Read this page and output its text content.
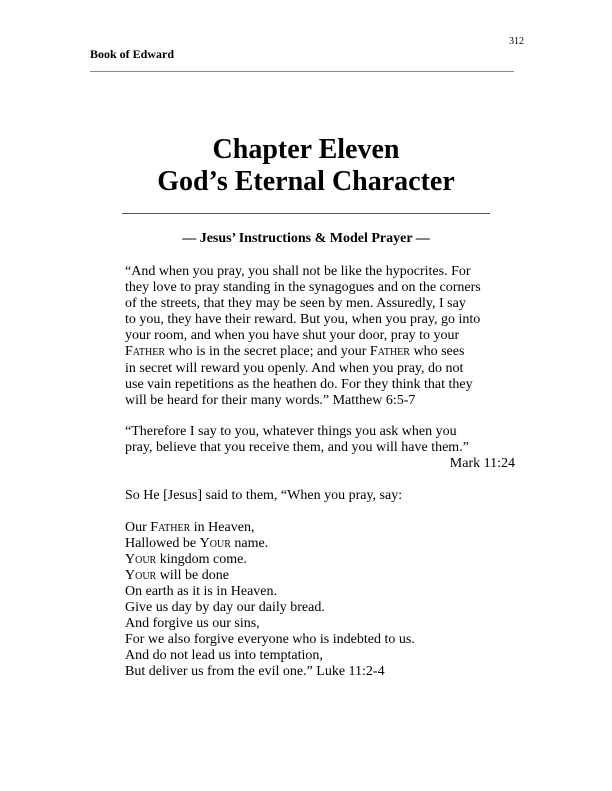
312
Book of Edward
Chapter Eleven
God’s Eternal Character
— Jesus’ Instructions & Model Prayer —

“And when you pray, you shall not be like the hypocrites. For
they love to pray standing in the synagogues and on the corners
of the streets, that they may be seen by men. Assuredly, I say
to you, they have their reward. But you, when you pray, go into
your room, and when you have shut your door, pray to your
FATHER who is in the secret place; and your FATHER who sees
in secret will reward you openly. And when you pray, do not
use vain repetitions as the heathen do. For they think that they
will be heard for their many words.” Matthew 6:5-7

“Therefore I say to you, whatever things you ask when you
pray, believe that you receive them, and you will have them.”
Mark 11:24

So He [Jesus] said to them, “When you pray, say:
Our Father in Heaven,
Hallowed be Your name.
Your kingdom come.
Your will be done
On earth as it is in Heaven.
Give us day by day our daily bread.
And forgive us our sins,
For we also forgive everyone who is indebted to us.
And do not lead us into temptation,
But deliver us from the evil one.” Luke 11:2-4
